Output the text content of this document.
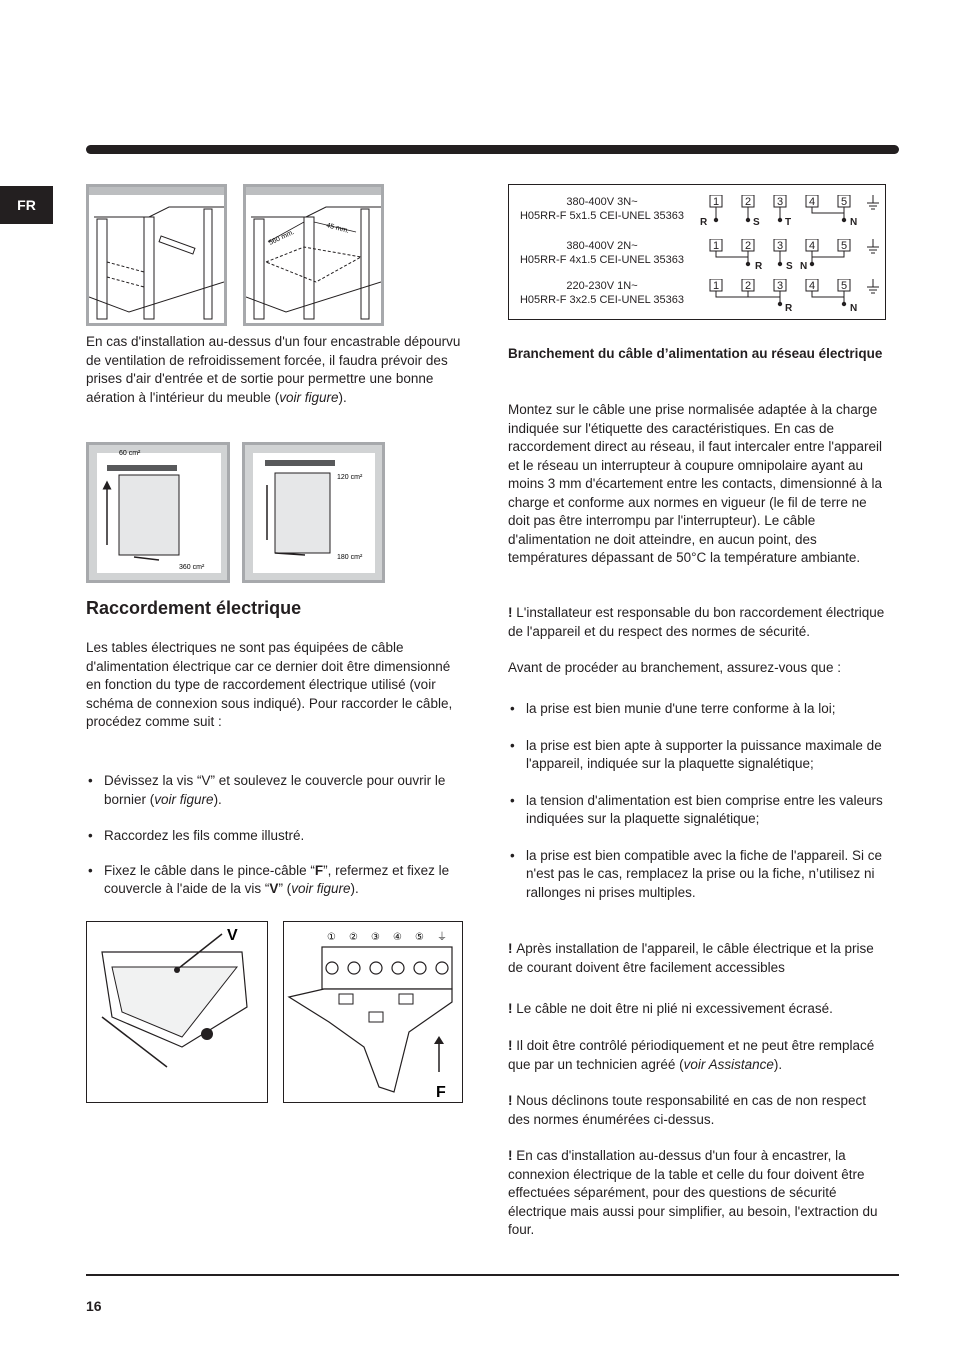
FR
560 mm.
45 mm.

En cas d'installation au-dessus d'un four encastrable dépourvu de ventilation de refroidissement forcée, il faudra prévoir des prises d'air d'entrée et de sortie pour permettre une bonne aération à l'intérieur du meuble (voir figure).

60 cm²
360 cm²
120 cm²
180 cm²
Raccordement électrique

Les tables électriques ne sont pas équipées de câble d'alimentation électrique car ce dernier doit être dimensionné en fonction du type de raccordement électrique utilisé (voir schéma de connexion sous indiqué). Pour raccorder le câble, procédez comme suit :

• Dévissez la vis “V” et soulevez le couvercle pour ouvrir le bornier (voir figure).
• Raccordez les fils comme illustré.
• Fixez le câble dans le pince-câble “F”, refermez et fixez le couvercle à l'aide de la vis “V” (voir figure).
V	① ② ③ ④ ⑤ ⏚
F
380-400V 3N~
H05RR-F 5x1.5 CEI-UNEL 35363
1 2 3 4 5
R	S	T	N
380-400V 2N~
H05RR-F 4x1.5 CEI-UNEL 35363
1 2 3 4 5
R S N
220-230V 1N~
H05RR-F 3x2.5 CEI-UNEL 35363
1 2 3 4 5
R	N
Branchement du câble d’alimentation au réseau électrique

Montez sur le câble une prise normalisée adaptée à la charge indiquée sur l'étiquette des caractéristiques. En cas de raccordement direct au réseau, il faut intercaler entre l'appareil et le réseau un interrupteur à coupure omnipolaire ayant au moins 3 mm d'écartement entre les contacts, dimensionné à la charge et conforme aux normes en vigueur (le fil de terre ne doit pas être interrompu par l'interrupteur). Le câble d'alimentation ne doit atteindre, en aucun point, des températures dépassant de 50°C la température ambiante.

! L'installateur est responsable du bon raccordement électrique de l'appareil et du respect des normes de sécurité.

Avant de procéder au branchement, assurez-vous que :

• la prise est bien munie d'une terre conforme à la loi;
• la prise est bien apte à supporter la puissance maximale de l'appareil, indiquée sur la plaquette signalétique;
• la tension d'alimentation est bien comprise entre les valeurs indiquées sur la plaquette signalétique;
• la prise est bien compatible avec la fiche de l'appareil. Si ce n'est pas le cas, remplacez la prise ou la fiche, n’utilisez ni rallonges ni prises multiples.

! Après installation de l'appareil, le câble électrique et la prise de courant doivent être facilement accessibles

! Le câble ne doit être ni plié ni excessivement écrasé.

! Il doit être contrôlé périodiquement et ne peut être remplacé que par un technicien agréé (voir Assistance).

! Nous déclinons toute responsabilité en cas de non respect des normes énumérées ci-dessus.

! En cas d'installation au-dessus d'un four à encastrer, la connexion électrique de la table et celle du four doivent être effectuées séparément, pour des questions de sécurité électrique mais aussi pour simplifier, au besoin, l'extraction du four.

16
